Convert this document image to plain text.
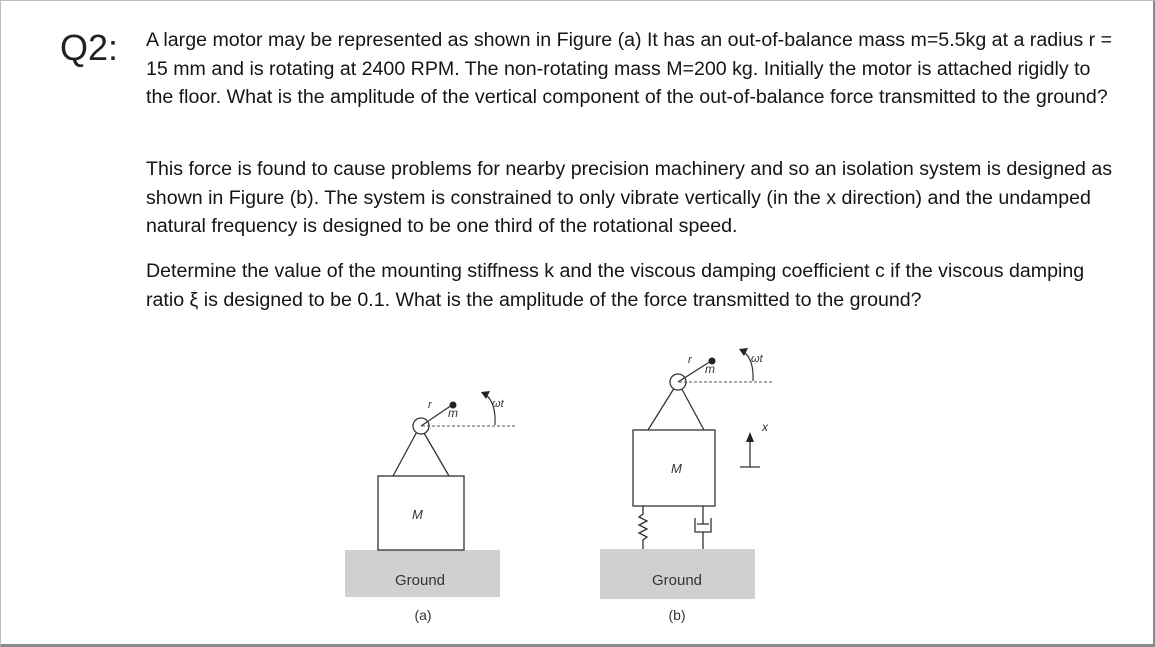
Q2: A large motor may be represented as shown in Figure (a) It has an out-of-balance mass m=5.5kg at a radius r = 15 mm and is rotating at 2400 RPM. The non-rotating mass M=200 kg. Initially the motor is attached rigidly to the floor. What is the amplitude of the vertical component of the out-of-balance force transmitted to the ground?

This force is found to cause problems for nearby precision machinery and so an isolation system is designed as shown in Figure (b). The system is constrained to only vibrate vertically (in the x direction) and the undamped natural frequency is designed to be one third of the rotational speed.

Determine the value of the mounting stiffness k and the viscous damping coefficient c if the viscous damping ratio ξ is designed to be 0.1. What is the amplitude of the force transmitted to the ground?

Ground
M
r
m
ωt
(a)
Ground
M
r
m
ωt
x
(b)
